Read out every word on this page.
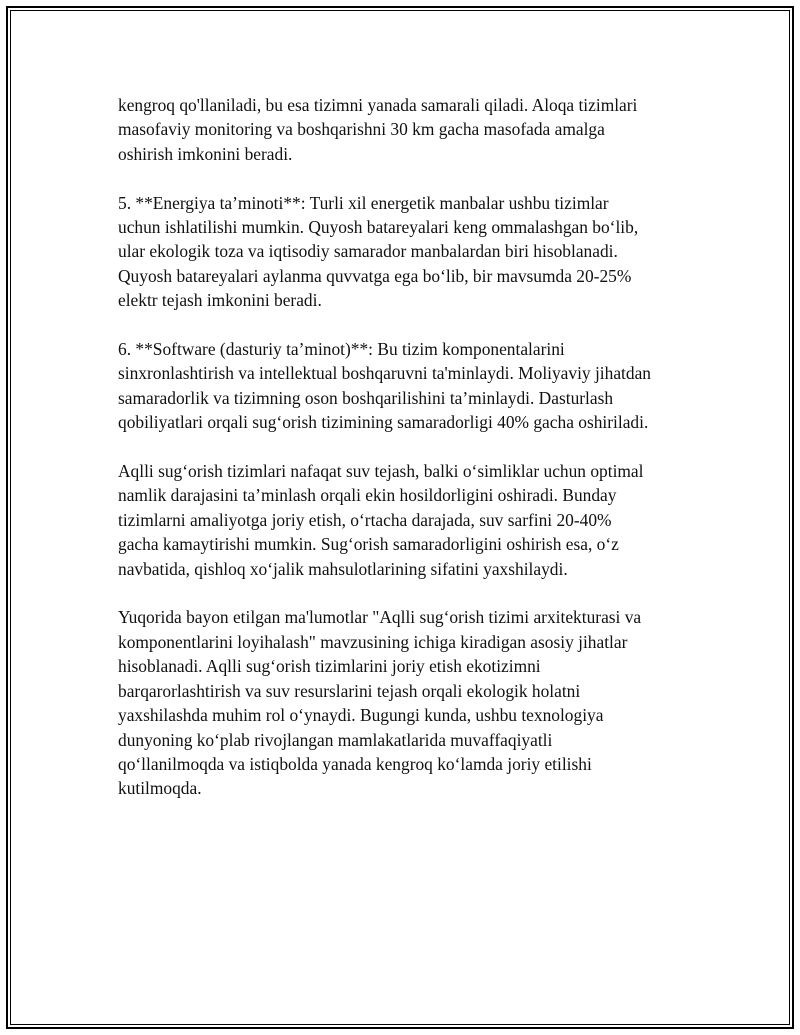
kengroq qo'llaniladi, bu esa tizimni yanada samarali qiladi. Aloqa tizimlari
masofaviy monitoring va boshqarishni 30 km gacha masofada amalga
oshirish imkonini beradi.

5. **Energiya ta’minoti**: Turli xil energetik manbalar ushbu tizimlar
uchun ishlatilishi mumkin. Quyosh batareyalari keng ommalashgan bo‘lib,
ular ekologik toza va iqtisodiy samarador manbalardan biri hisoblanadi.
Quyosh batareyalari aylanma quvvatga ega bo‘lib, bir mavsumda 20-25%
elektr tejash imkonini beradi.

6. **Software (dasturiy ta’minot)**: Bu tizim komponentalarini
sinxronlashtirish va intellektual boshqaruvni ta'minlaydi. Moliyaviy jihatdan
samaradorlik va tizimning oson boshqarilishini ta’minlaydi. Dasturlash
qobiliyatlari orqali sug‘orish tizimining samaradorligi 40% gacha oshiriladi.

Aqlli sug‘orish tizimlari nafaqat suv tejash, balki o‘simliklar uchun optimal
namlik darajasini ta’minlash orqali ekin hosildorligini oshiradi. Bunday
tizimlarni amaliyotga joriy etish, o‘rtacha darajada, suv sarfini 20-40%
gacha kamaytirishi mumkin. Sug‘orish samaradorligini oshirish esa, o‘z
navbatida, qishloq xo‘jalik mahsulotlarining sifatini yaxshilaydi.

Yuqorida bayon etilgan ma'lumotlar "Aqlli sug‘orish tizimi arxitekturasi va
komponentlarini loyihalash" mavzusining ichiga kiradigan asosiy jihatlar
hisoblanadi. Aqlli sug‘orish tizimlarini joriy etish ekotizimni
barqarorlashtirish va suv resurslarini tejash orqali ekologik holatni
yaxshilashda muhim rol o‘ynaydi. Bugungi kunda, ushbu texnologiya
dunyoning ko‘plab rivojlangan mamlakatlarida muvaffaqiyatli
qo‘llanilmoqda va istiqbolda yanada kengroq ko‘lamda joriy etilishi
kutilmoqda.
